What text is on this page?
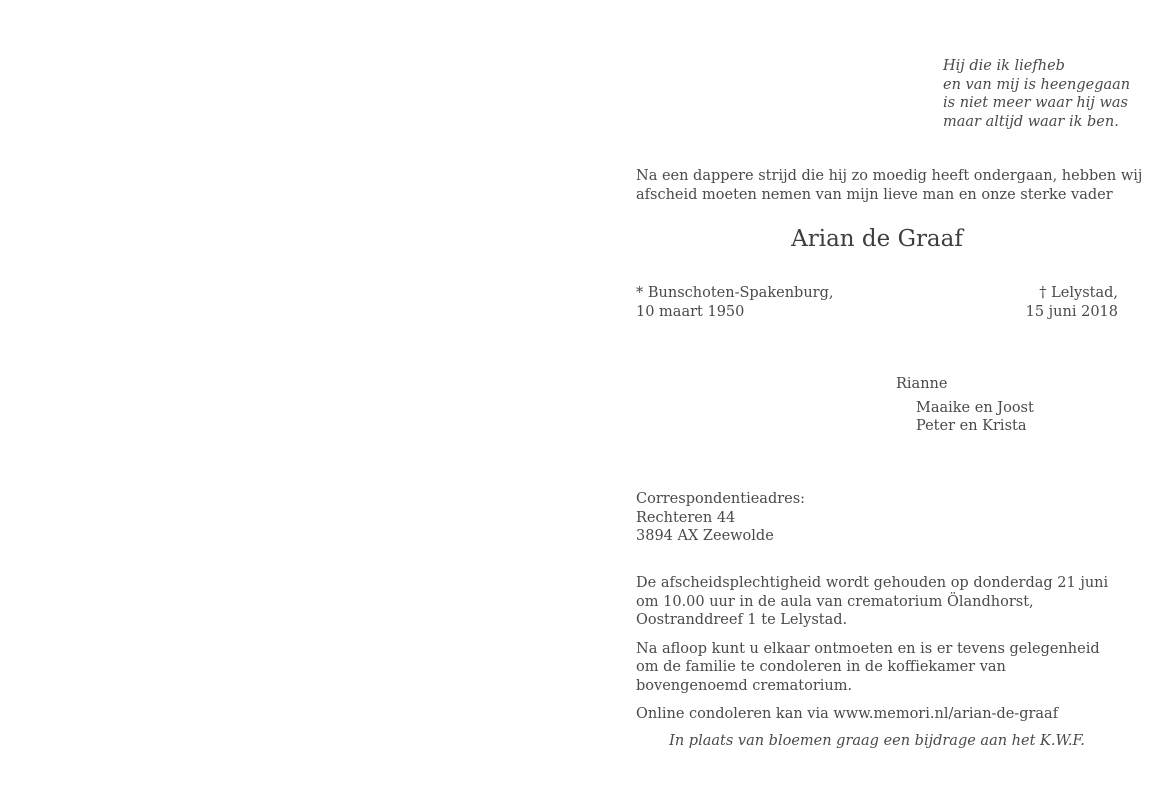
Hij die ik liefheb
en van mij is heengegaan
is niet meer waar hij was
maar altijd waar ik ben.
Na een dappere strijd die hij zo moedig heeft ondergaan, hebben wij
afscheid moeten nemen van mijn lieve man en onze sterke vader
Arian de Graaf
* Bunschoten-Spakenburg,
10 maart 1950
† Lelystad,
15 juni 2018
Rianne
Maaike en Joost
Peter en Krista
Correspondentieadres:
Rechteren 44
3894 AX Zeewolde

De afscheidsplechtigheid wordt gehouden op donderdag 21 juni om 10.00 uur in de aula van crematorium Ölandhorst, Oostranddreef 1 te Lelystad.

Na afloop kunt u elkaar ontmoeten en is er tevens gelegenheid om de familie te condoleren in de koffiekamer van bovengenoemd crematorium.

Online condoleren kan via www.memori.nl/arian-de-graaf

In plaats van bloemen graag een bijdrage aan het K.W.F.
